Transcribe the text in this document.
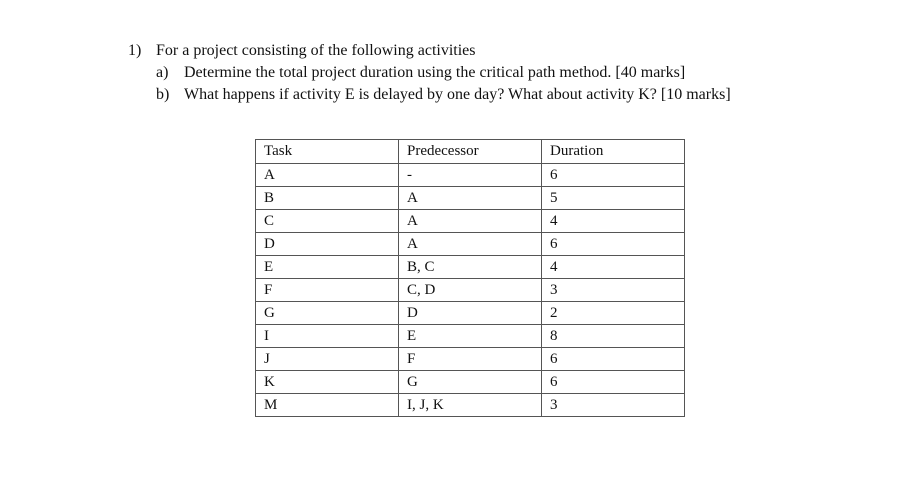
1) For a project consisting of the following activities
a) Determine the total project duration using the critical path method. [40 marks]
b) What happens if activity E is delayed by one day? What about activity K? [10 marks]
Task	Predecessor	Duration
A	-	6
B	A	5
C	A	4
D	A	6
E	B, C	4
F	C, D	3
G	D	2
I	E	8
J	F	6
K	G	6
M	I, J, K	3
